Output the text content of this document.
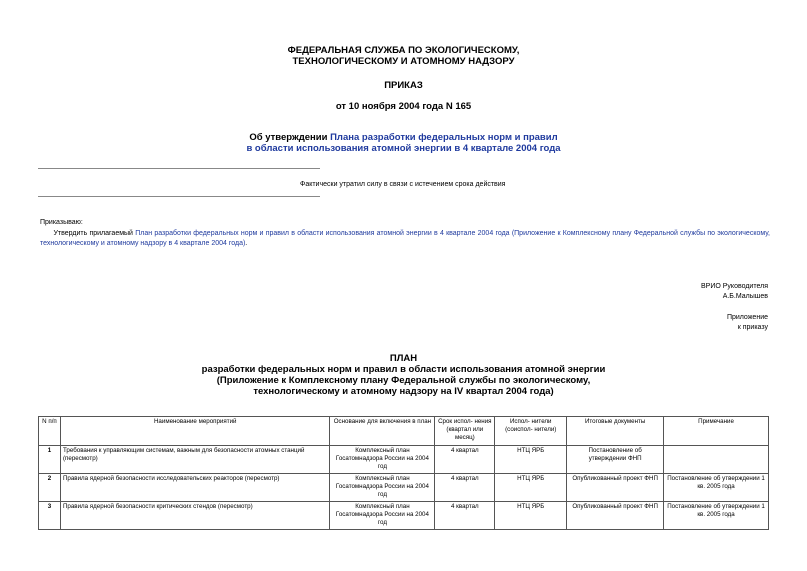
ФЕДЕРАЛЬНАЯ СЛУЖБА ПО ЭКОЛОГИЧЕСКОМУ,
ТЕХНОЛОГИЧЕСКОМУ И АТОМНОМУ НАДЗОРУ
ПРИКАЗ
от 10 ноября 2004 года N 165
Об утверждении Плана разработки федеральных норм и правил
в области использования атомной энергии в 4 квартале 2004 года
Фактически утратил силу в связи с истечением срока действия
Приказываю:
Утвердить прилагаемый План разработки федеральных норм и правил в области использования атомной энергии в 4 квартале 2004 года (Приложение к Комплексному плану Федеральной службы по экологическому, технологическому и атомному надзору в 4 квартале 2004 года).
ВРИО Руководителя
А.Б.Малышев
Приложение
к приказу
ПЛАН
разработки федеральных норм и правил в области использования атомной энергии
(Приложение к Комплексному плану Федеральной службы по экологическому,
технологическому и атомному надзору на IV квартал 2004 года)
N п/п	Наименование мероприятий	Основание для включения в план	Срок испол- нения (квартал или месяц)	Испол- нители (соиспол- нители)	Итоговые документы	Примечание
1	Требования к управляющим системам, важным для безопасности атомных станций (пересмотр)	Комплексный план Госатомнадзора России на 2004 год	4 квартал	НТЦ ЯРБ	Постановление об утверждении ФНП	
2	Правила ядерной безопасности исследовательских реакторов (пересмотр)	Комплексный план Госатомнадзора России на 2004 год	4 квартал	НТЦ ЯРБ	Опубликованный проект ФНП	Постановление об утверждении 1 кв. 2005 года
3	Правила ядерной безопасности критических стендов (пересмотр)	Комплексный план Госатомнадзора России на 2004 год	4 квартал	НТЦ ЯРБ	Опубликованный проект ФНП	Постановление об утверждении 1 кв. 2005 года
